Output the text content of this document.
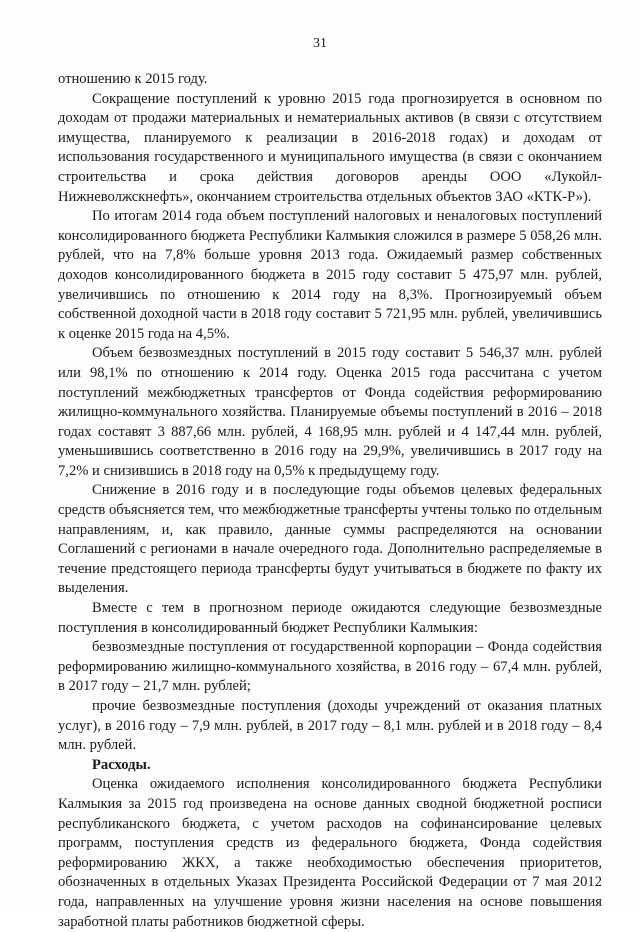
31

отношению к 2015 году.

Сокращение поступлений к уровню 2015 года прогнозируется в основном по доходам от продажи материальных и нематериальных активов (в связи с отсутствием имущества, планируемого к реализации в 2016-2018 годах) и доходам от использования государственного и муниципального имущества (в связи с окончанием строительства и срока действия договоров аренды ООО «Лукойл-Нижневолжскнефть», окончанием строительства отдельных объектов ЗАО «КТК-Р»).

По итогам 2014 года объем поступлений налоговых и неналоговых поступлений консолидированного бюджета Республики Калмыкия сложился в размере 5 058,26 млн. рублей, что на 7,8% больше уровня 2013 года. Ожидаемый размер собственных доходов консолидированного бюджета в 2015 году составит 5 475,97 млн. рублей, увеличившись по отношению к 2014 году на 8,3%. Прогнозируемый объем собственной доходной части в 2018 году составит 5 721,95 млн. рублей, увеличившись к оценке 2015 года на 4,5%.

Объем безвозмездных поступлений в 2015 году составит 5 546,37 млн. рублей или 98,1% по отношению к 2014 году. Оценка 2015 года рассчитана с учетом поступлений межбюджетных трансфертов от Фонда содействия реформированию жилищно-коммунального хозяйства. Планируемые объемы поступлений в 2016 – 2018 годах составят 3 887,66 млн. рублей, 4 168,95 млн. рублей и 4 147,44 млн. рублей, уменьшившись соответственно в 2016 году на 29,9%, увеличившись в 2017 году на 7,2% и снизившись в 2018 году на 0,5% к предыдущему году.

Снижение в 2016 году и в последующие годы объемов целевых федеральных средств объясняется тем, что межбюджетные трансферты учтены только по отдельным направлениям, и, как правило, данные суммы распределяются на основании Соглашений с регионами в начале очередного года. Дополнительно распределяемые в течение предстоящего периода трансферты будут учитываться в бюджете по факту их выделения.

Вместе с тем в прогнозном периоде ожидаются следующие безвозмездные поступления в консолидированный бюджет Республики Калмыкия:

безвозмездные поступления от государственной корпорации – Фонда содействия реформированию жилищно-коммунального хозяйства, в 2016 году – 67,4 млн. рублей, в 2017 году – 21,7 млн. рублей;

прочие безвозмездные поступления (доходы учреждений от оказания платных услуг), в 2016 году – 7,9 млн. рублей, в 2017 году – 8,1 млн. рублей и в 2018 году – 8,4 млн. рублей.

Расходы.

Оценка ожидаемого исполнения консолидированного бюджета Республики Калмыкия за 2015 год произведена на основе данных сводной бюджетной росписи республиканского бюджета, с учетом расходов на софинансирование целевых программ, поступления средств из федерального бюджета, Фонда содействия реформированию ЖКХ, а также необходимостью обеспечения приоритетов, обозначенных в отдельных Указах Президента Российской Федерации от 7 мая 2012 года, направленных на улучшение уровня жизни населения на основе повышения заработной платы работников бюджетной сферы.
